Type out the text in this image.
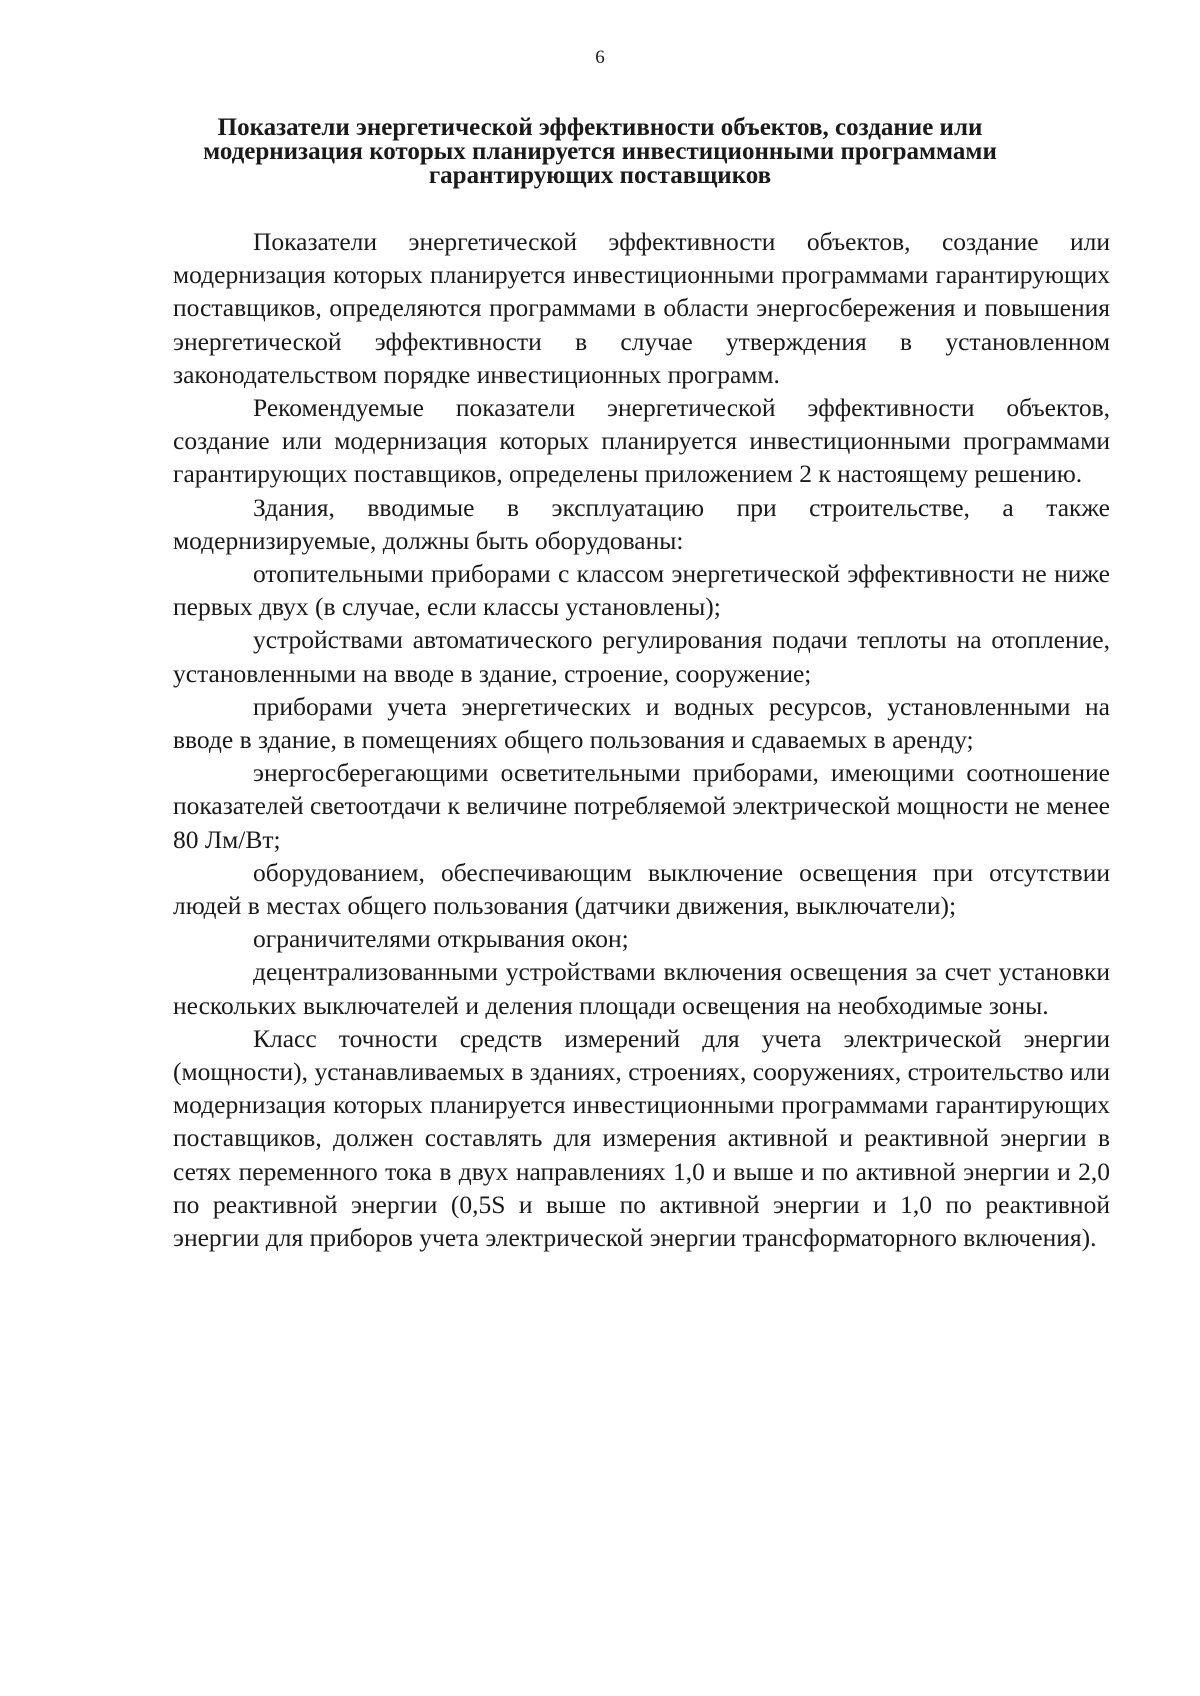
6
Показатели энергетической эффективности объектов, создание или модернизация которых планируется инвестиционными программами гарантирующих поставщиков

Показатели энергетической эффективности объектов, создание или модернизация которых планируется инвестиционными программами гарантирующих поставщиков, определяются программами в области энергосбережения и повышения энергетической эффективности в случае утверждения в установленном законодательством порядке инвестиционных программ.

Рекомендуемые показатели энергетической эффективности объектов, создание или модернизация которых планируется инвестиционными программами гарантирующих поставщиков, определены приложением 2 к настоящему решению.

Здания, вводимые в эксплуатацию при строительстве, а также модернизируемые, должны быть оборудованы:

отопительными приборами с классом энергетической эффективности не ниже первых двух (в случае, если классы установлены);

устройствами автоматического регулирования подачи теплоты на отопление, установленными на вводе в здание, строение, сооружение;

приборами учета энергетических и водных ресурсов, установленными на вводе в здание, в помещениях общего пользования и сдаваемых в аренду;

энергосберегающими осветительными приборами, имеющими соотношение показателей светоотдачи к величине потребляемой электрической мощности не менее 80 Лм/Вт;

оборудованием, обеспечивающим выключение освещения при отсутствии людей в местах общего пользования (датчики движения, выключатели);

ограничителями открывания окон;

децентрализованными устройствами включения освещения за счет установки нескольких выключателей и деления площади освещения на необходимые зоны.

Класс точности средств измерений для учета электрической энергии (мощности), устанавливаемых в зданиях, строениях, сооружениях, строительство или модернизация которых планируется инвестиционными программами гарантирующих поставщиков, должен составлять для измерения активной и реактивной энергии в сетях переменного тока в двух направлениях 1,0 и выше и по активной энергии и 2,0 по реактивной энергии (0,5S и выше по активной энергии и 1,0 по реактивной энергии для приборов учета электрической энергии трансформаторного включения).
